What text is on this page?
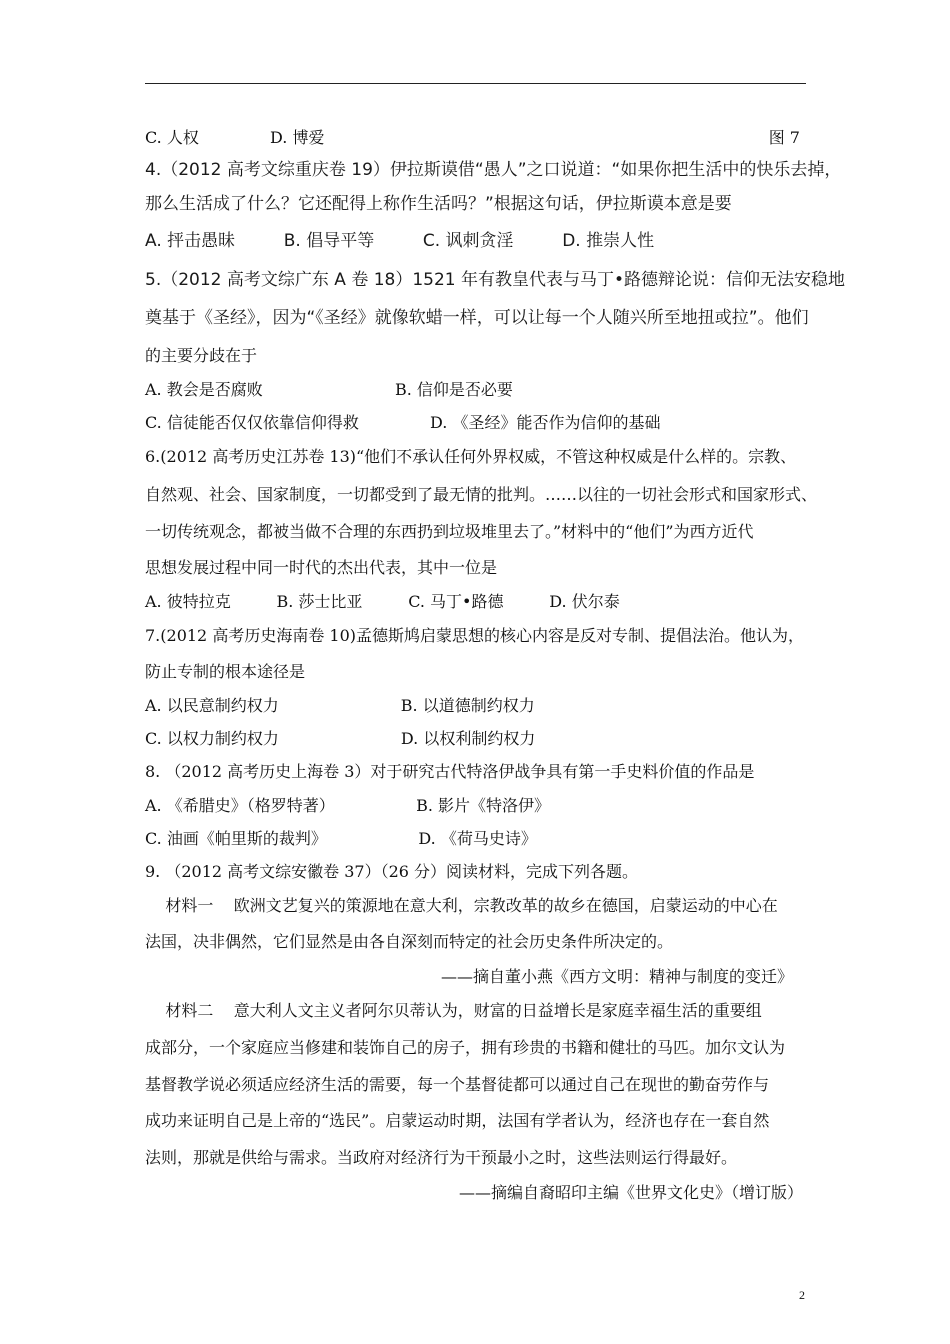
C. 人权              D. 博爱	图 7
4.（2012 高考文综重庆卷 19）伊拉斯谟借“愚人”之口说道：“如果你把生活中的快乐去掉，
那么生活成了什么？它还配得上称作生活吗？”根据这句话，伊拉斯谟本意是要
A. 抨击愚昧         B. 倡导平等         C. 讽刺贪淫         D. 推崇人性
5.（2012 高考文综广东 A 卷 18）1521 年有教皇代表与马丁•路德辩论说：信仰无法安稳地
奠基于《圣经》，因为“《圣经》就像软蜡一样，可以让每一个人随兴所至地扭或拉”。他们
的主要分歧在于
A. 教会是否腐败                          B. 信仰是否必要
C. 信徒能否仅仅依靠信仰得救              D. 《圣经》能否作为信仰的基础
6.(2012 高考历史江苏卷 13)“他们不承认任何外界权威，不管这种权威是什么样的。宗教、
自然观、社会、国家制度，一切都受到了最无情的批判。……以往的一切社会形式和国家形式、
一切传统观念，都被当做不合理的东西扔到垃圾堆里去了。”材料中的“他们”为西方近代
思想发展过程中同一时代的杰出代表，其中一位是
A. 彼特拉克         B. 莎士比亚         C. 马丁•路德         D. 伏尔泰
7.(2012 高考历史海南卷 10)孟德斯鸠启蒙思想的核心内容是反对专制、提倡法治。他认为，
防止专制的根本途径是
A. 以民意制约权力                        B. 以道德制约权力
C. 以权力制约权力                        D. 以权利制约权力
8. （2012 高考历史上海卷 3）对于研究古代特洛伊战争具有第一手史料价值的作品是
A. 《希腊史》（格罗特著）                B. 影片《特洛伊》
C. 油画《帕里斯的裁判》                  D. 《荷马史诗》
9. （2012 高考文综安徽卷 37）（26 分）阅读材料，完成下列各题。
材料一    欧洲文艺复兴的策源地在意大利，宗教改革的故乡在德国，启蒙运动的中心在
法国，决非偶然，它们显然是由各自深刻而特定的社会历史条件所决定的。
——摘自董小燕《西方文明：精神与制度的变迁》
材料二    意大利人文主义者阿尔贝蒂认为，财富的日益增长是家庭幸福生活的重要组
成部分，一个家庭应当修建和装饰自己的房子，拥有珍贵的书籍和健壮的马匹。加尔文认为
基督教学说必须适应经济生活的需要，每一个基督徒都可以通过自己在现世的勤奋劳作与
成功来证明自己是上帝的“选民”。启蒙运动时期，法国有学者认为，经济也存在一套自然
法则，那就是供给与需求。当政府对经济行为干预最小之时，这些法则运行得最好。
——摘编自裔昭印主编《世界文化史》（增订版）
2
